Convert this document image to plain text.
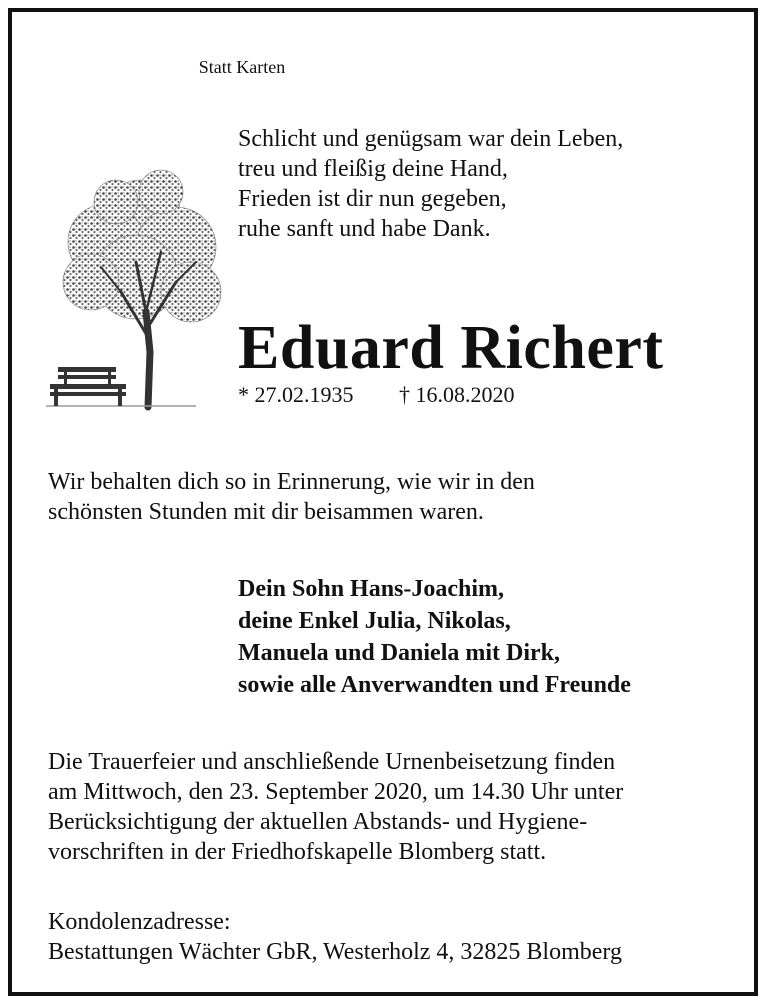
Statt Karten
Schlicht und genügsam war dein Leben,
treu und fleißig deine Hand,
Frieden ist dir nun gegeben,
ruhe sanft und habe Dank.
Eduard Richert
* 27.02.1935 † 16.08.2020
Wir behalten dich so in Erinnerung, wie wir in den
schönsten Stunden mit dir beisammen waren.
Dein Sohn Hans-Joachim,
deine Enkel Julia, Nikolas,
Manuela und Daniela mit Dirk,
sowie alle Anverwandten und Freunde
Die Trauerfeier und anschließende Urnenbeisetzung finden
am Mittwoch, den 23. September 2020, um 14.30 Uhr unter
Berücksichtigung der aktuellen Abstands- und Hygiene-
vorschriften in der Friedhofskapelle Blomberg statt.
Kondolenzadresse:
Bestattungen Wächter GbR, Westerholz 4, 32825 Blomberg
